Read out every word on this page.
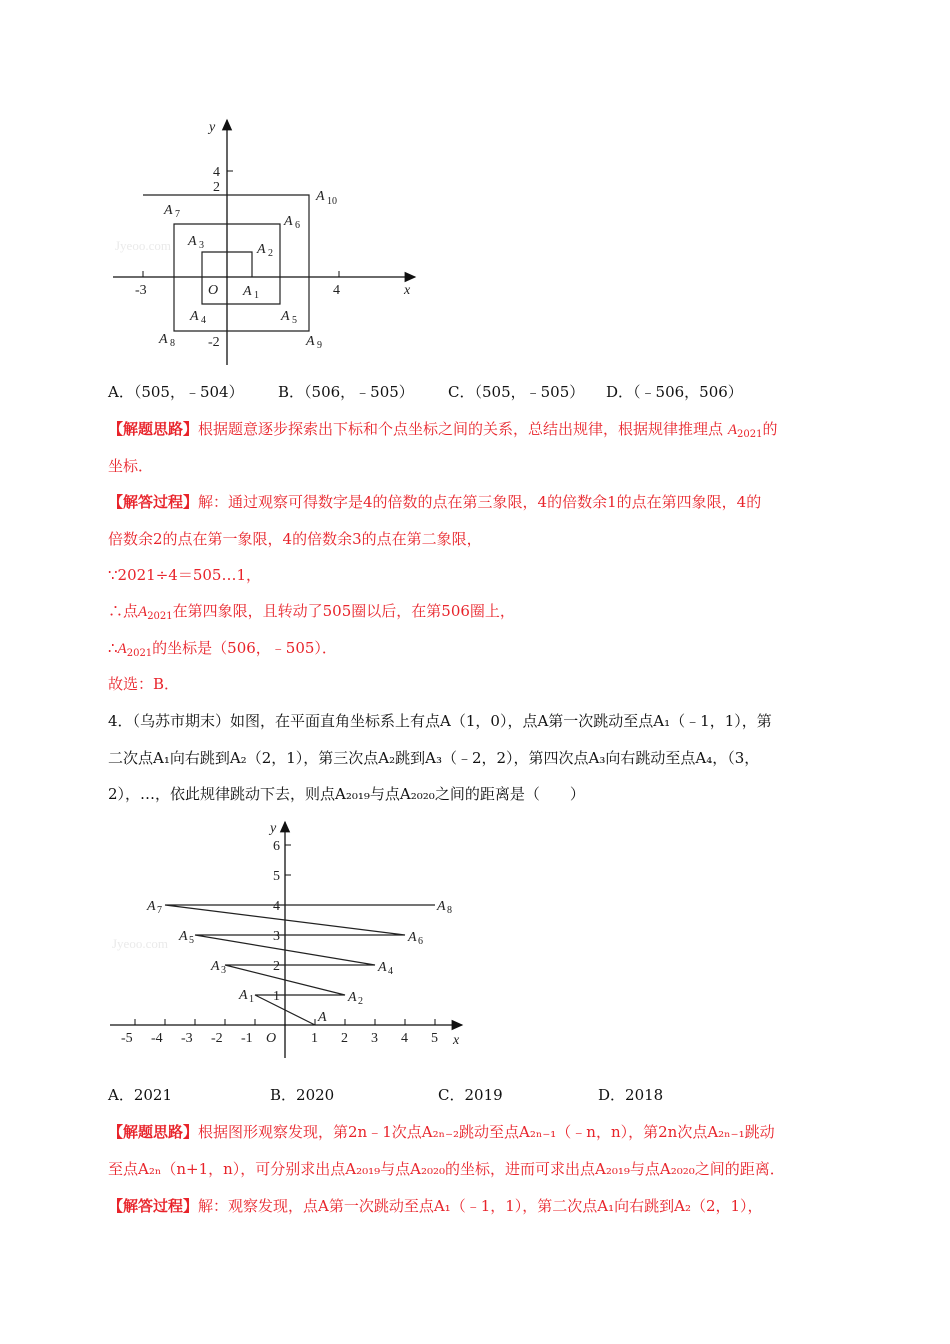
Jyeoo.com
y
x
O
-3	4
4
2
-2
A 1
A 2
A 3
A 4	A 5
A 6
A 7
A 8	A 9
A 10
A．（505，﹣504） B．（506，﹣505） C．（505，﹣505） D．（﹣506，506）
【解题思路】根据题意逐步探索出下标和个点坐标之间的关系，总结出规律，根据规律推理点 $A_{2021}$的
坐标．
【解答过程】解：通过观察可得数字是4的倍数的点在第三象限，4的倍数余1的点在第四象限，4的
倍数余2的点在第一象限，4的倍数余3的点在第二象限，
∵2021÷4＝505…1，
∴点$A_{2021}$在第四象限，且转动了505圈以后，在第506圈上，
$\therefore A_{2021}$的坐标是（506，﹣505）．
故选：B．
4．（乌苏市期末）如图，在平面直角坐标系上有点A（1，0），点A第一次跳动至点A₁（﹣1，1），第
二次点A₁向右跳到A₂（2，1），第三次点A₂跳到A₃（﹣2，2），第四次点A₃向右跳动至点A₄，（3，
2），…，依此规律跳动下去，则点A₂₀₁₉与点A₂₀₂₀之间的距离是（　　）
Jyeoo.com
-5 -4 -3 -2 -1 O 1 2 3 4 5 x
1
2
3
4
5
6
y
A
A 1	A 2
A 3	A 4
A 5	A 6
A 7	A 8
A．2021	B．2020	C．2019	D．2018
【解题思路】根据图形观察发现，第2n﹣1次点A₂ₙ₋₂跳动至点A₂ₙ₋₁（﹣n，n），第2n次点A₂ₙ₋₁跳动
至点A₂ₙ（n+1，n），可分别求出点A₂₀₁₉与点A₂₀₂₀的坐标，进而可求出点A₂₀₁₉与点A₂₀₂₀之间的距离．
【解答过程】解：观察发现，点A第一次跳动至点A₁（﹣1，1），第二次点A₁向右跳到A₂（2，1），
